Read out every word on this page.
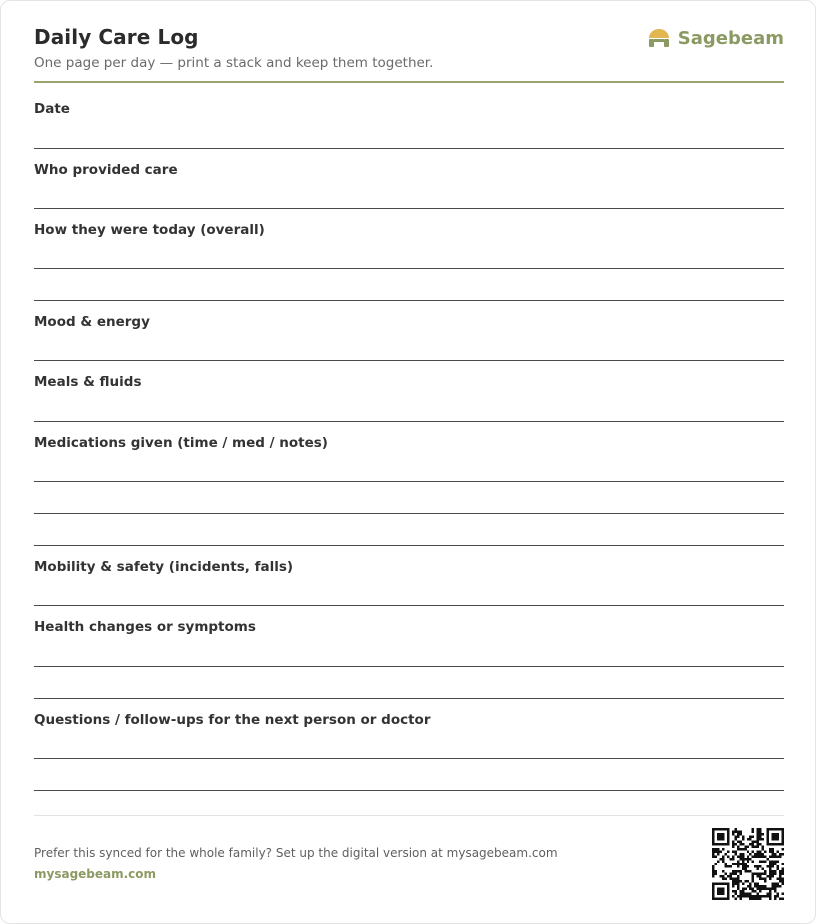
Daily Care Log
One page per day — print a stack and keep them together.
Sagebeam
Date
Who provided care
How they were today (overall)
Mood & energy
Meals & fluids
Medications given (time / med / notes)
Mobility & safety (incidents, falls)
Health changes or symptoms
Questions / follow-ups for the next person or doctor
Prefer this synced for the whole family? Set up the digital version at mysagebeam.com
mysagebeam.com
